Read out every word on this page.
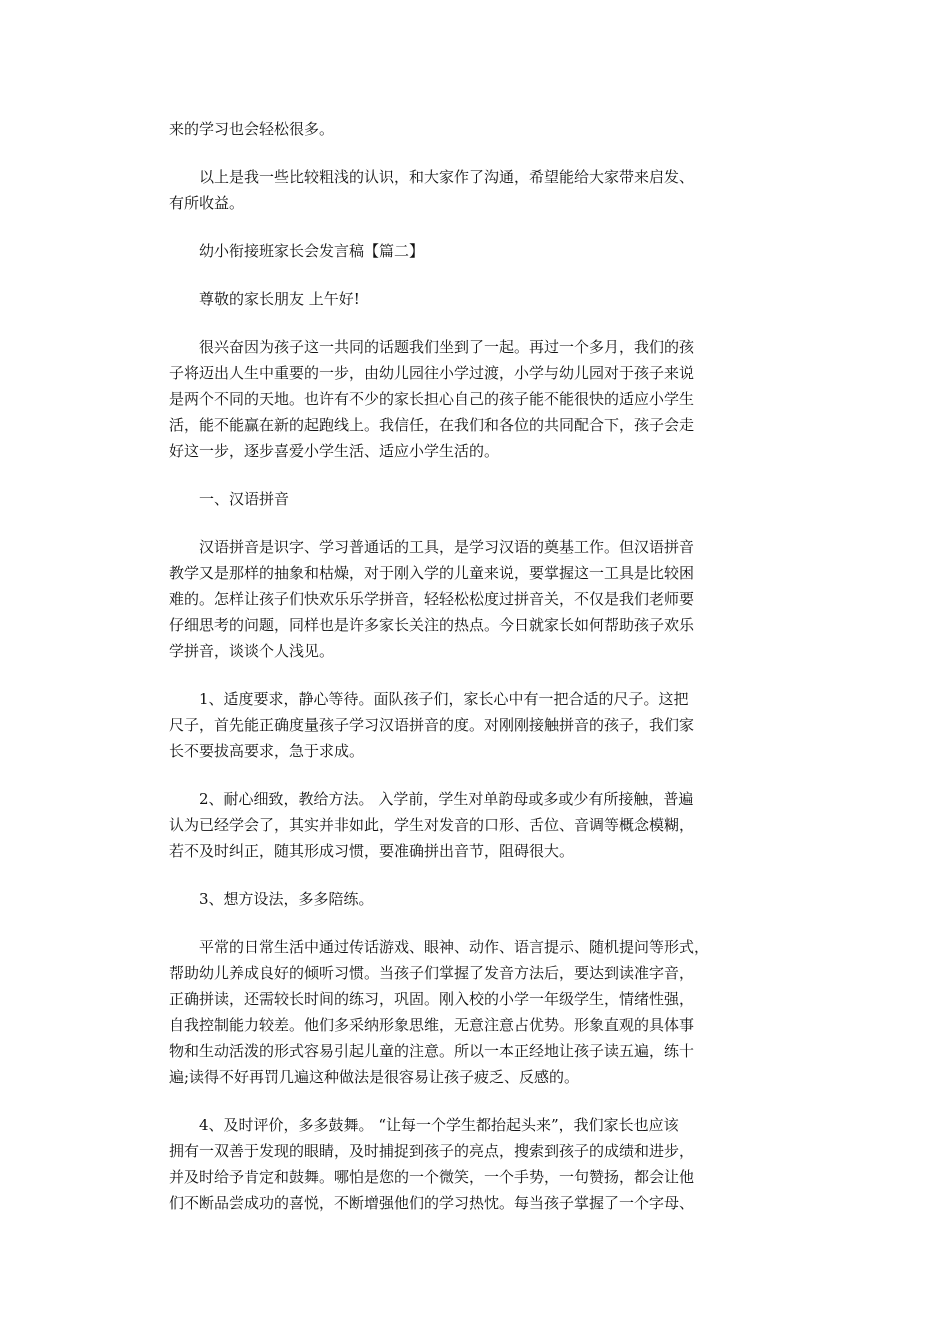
来的学习也会轻松很多。

以上是我一些比较粗浅的认识，和大家作了沟通，希望能给大家带来启发、
有所收益。

幼小衔接班家长会发言稿【篇二】

尊敬的家长朋友 上午好!

很兴奋因为孩子这一共同的话题我们坐到了一起。再过一个多月，我们的孩
子将迈出人生中重要的一步，由幼儿园往小学过渡，小学与幼儿园对于孩子来说
是两个不同的天地。也许有不少的家长担心自己的孩子能不能很快的适应小学生
活，能不能赢在新的起跑线上。我信任，在我们和各位的共同配合下，孩子会走
好这一步，逐步喜爱小学生活、适应小学生活的。

一、汉语拼音

汉语拼音是识字、学习普通话的工具，是学习汉语的奠基工作。但汉语拼音
教学又是那样的抽象和枯燥，对于刚入学的儿童来说，要掌握这一工具是比较困
难的。怎样让孩子们快欢乐乐学拼音，轻轻松松度过拼音关，不仅是我们老师要
仔细思考的问题，同样也是许多家长关注的热点。今日就家长如何帮助孩子欢乐
学拼音，谈谈个人浅见。

1、适度要求，静心等待。面队孩子们，家长心中有一把合适的尺子。这把
尺子，首先能正确度量孩子学习汉语拼音的度。对刚刚接触拼音的孩子，我们家
长不要拔高要求，急于求成。

2、耐心细致，教给方法。 入学前，学生对单韵母或多或少有所接触，普遍
认为已经学会了，其实并非如此，学生对发音的口形、舌位、音调等概念模糊，
若不及时纠正，随其形成习惯，要准确拼出音节，阻碍很大。

3、想方设法，多多陪练。

平常的日常生活中通过传话游戏、眼神、动作、语言提示、随机提问等形式，
帮助幼儿养成良好的倾听习惯。当孩子们掌握了发音方法后，要达到读准字音，
正确拼读，还需较长时间的练习，巩固。刚入校的小学一年级学生，情绪性强，
自我控制能力较差。他们多采纳形象思维，无意注意占优势。形象直观的具体事
物和生动活泼的形式容易引起儿童的注意。所以一本正经地让孩子读五遍，练十
遍;读得不好再罚几遍这种做法是很容易让孩子疲乏、反感的。

4、及时评价，多多鼓舞。 “让每一个学生都抬起头来”，我们家长也应该
拥有一双善于发现的眼睛，及时捕捉到孩子的亮点，搜索到孩子的成绩和进步，
并及时给予肯定和鼓舞。哪怕是您的一个微笑，一个手势，一句赞扬，都会让他
们不断品尝成功的喜悦，不断增强他们的学习热忱。每当孩子掌握了一个字母、
